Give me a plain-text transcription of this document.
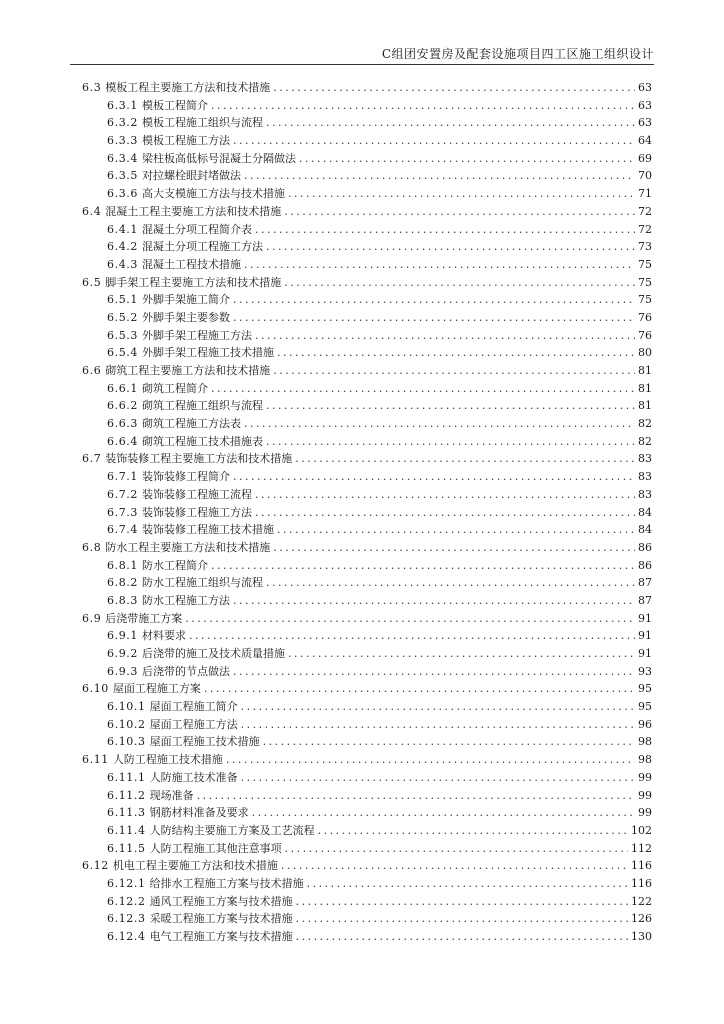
C组团安置房及配套设施项目四工区施工组织设计
6.3 模板工程主要施工方法和技术措施 .....	63
6.3.1 模板工程简介 .....	63
6.3.2 模板工程施工组织与流程 .....	63
6.3.3 模板工程施工方法 .....	64
6.3.4 梁柱板高低标号混凝土分隔做法 .....	69
6.3.5 对拉螺栓眼封堵做法 .....	70
6.3.6 高大支模施工方法与技术措施 .....	71
6.4 混凝土工程主要施工方法和技术措施 .....	72
6.4.1 混凝土分项工程简介表 .....	72
6.4.2 混凝土分项工程施工方法 .....	73
6.4.3 混凝土工程技术措施 .....	75
6.5 脚手架工程主要施工方法和技术措施 .....	75
6.5.1 外脚手架施工简介 .....	75
6.5.2 外脚手架主要参数 .....	76
6.5.3 外脚手架工程施工方法 .....	76
6.5.4 外脚手架工程施工技术措施 .....	80
6.6 砌筑工程主要施工方法和技术措施 .....	81
6.6.1 砌筑工程简介 .....	81
6.6.2 砌筑工程施工组织与流程 .....	81
6.6.3 砌筑工程施工方法表 .....	82
6.6.4 砌筑工程施工技术措施表 .....	82
6.7 装饰装修工程主要施工方法和技术措施 .....	83
6.7.1 装饰装修工程简介 .....	83
6.7.2 装饰装修工程施工流程 .....	83
6.7.3 装饰装修工程施工方法 .....	84
6.7.4 装饰装修工程施工技术措施 .....	84
6.8 防水工程主要施工方法和技术措施 .....	86
6.8.1 防水工程简介 .....	86
6.8.2 防水工程施工组织与流程 .....	87
6.8.3 防水工程施工方法 .....	87
6.9 后浇带施工方案 .....	91
6.9.1 材料要求 .....	91
6.9.2 后浇带的施工及技术质量措施 .....	91
6.9.3 后浇带的节点做法 .....	93
6.10 屋面工程施工方案 .....	95
6.10.1 屋面工程施工简介 .....	95
6.10.2 屋面工程施工方法 .....	96
6.10.3 屋面工程施工技术措施 .....	98
6.11 人防工程施工技术措施 .....	98
6.11.1 人防施工技术准备 .....	99
6.11.2 现场准备 .....	99
6.11.3 钢筋材料准备及要求 .....	99
6.11.4 人防结构主要施工方案及工艺流程 .....	102
6.11.5 人防工程施工其他注意事项 .....	112
6.12 机电工程主要施工方法和技术措施 .....	116
6.12.1 给排水工程施工方案与技术措施 .....	116
6.12.2 通风工程施工方案与技术措施 .....	122
6.12.3 采暖工程施工方案与技术措施 .....	126
6.12.4 电气工程施工方案与技术措施 .....	130
